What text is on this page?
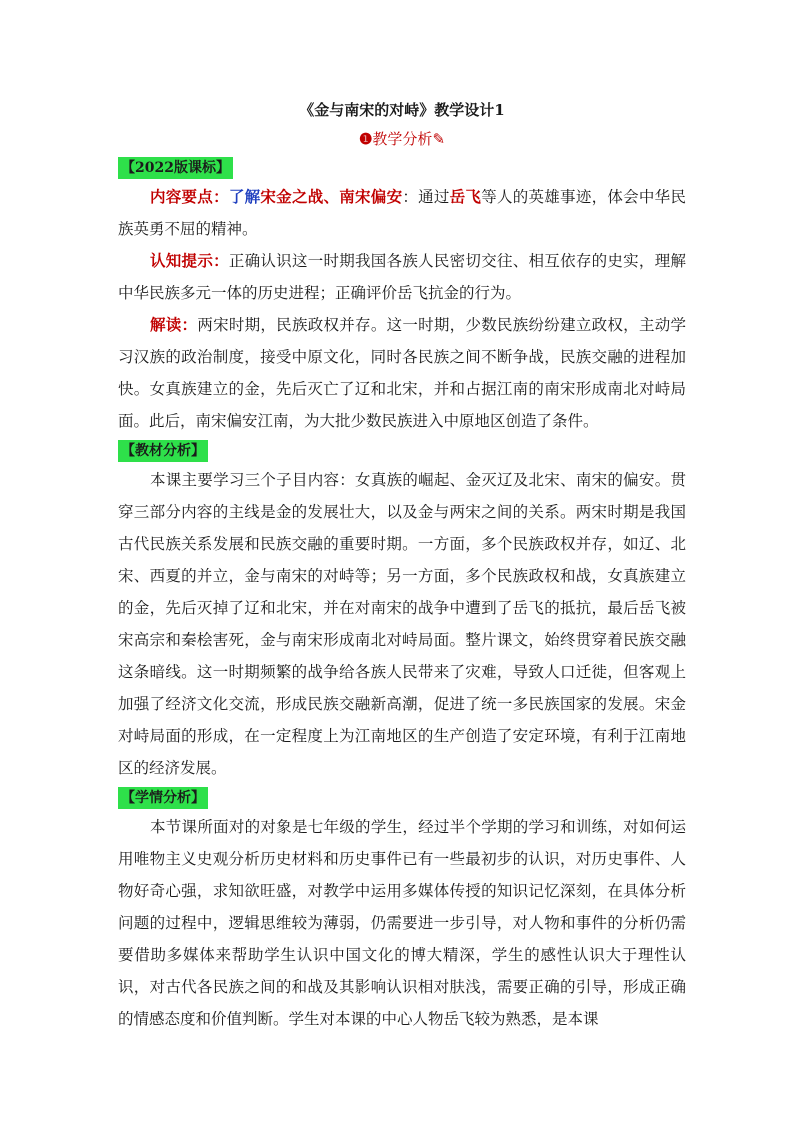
《金与南宋的对峙》教学设计1
❶教学分析✎
【2022版课标】

内容要点：了解宋金之战、南宋偏安：通过岳飞等人的英雄事迹，体会中华民族英勇不屈的精神。

认知提示：正确认识这一时期我国各族人民密切交往、相互依存的史实，理解中华民族多元一体的历史进程；正确评价岳飞抗金的行为。

解读：两宋时期，民族政权并存。这一时期，少数民族纷纷建立政权，主动学习汉族的政治制度，接受中原文化，同时各民族之间不断争战，民族交融的进程加快。女真族建立的金，先后灭亡了辽和北宋，并和占据江南的南宋形成南北对峙局面。此后，南宋偏安江南，为大批少数民族进入中原地区创造了条件。

【教材分析】

本课主要学习三个子目内容：女真族的崛起、金灭辽及北宋、南宋的偏安。贯穿三部分内容的主线是金的发展壮大，以及金与两宋之间的关系。两宋时期是我国古代民族关系发展和民族交融的重要时期。一方面，多个民族政权并存，如辽、北宋、西夏的并立，金与南宋的对峙等；另一方面，多个民族政权和战，女真族建立的金，先后灭掉了辽和北宋，并在对南宋的战争中遭到了岳飞的抵抗，最后岳飞被宋高宗和秦桧害死，金与南宋形成南北对峙局面。整片课文，始终贯穿着民族交融这条暗线。这一时期频繁的战争给各族人民带来了灾难，导致人口迁徙，但客观上加强了经济文化交流，形成民族交融新高潮，促进了统一多民族国家的发展。宋金对峙局面的形成，在一定程度上为江南地区的生产创造了安定环境，有利于江南地区的经济发展。

【学情分析】

本节课所面对的对象是七年级的学生，经过半个学期的学习和训练，对如何运用唯物主义史观分析历史材料和历史事件已有一些最初步的认识，对历史事件、人物好奇心强，求知欲旺盛，对教学中运用多媒体传授的知识记忆深刻，在具体分析问题的过程中，逻辑思维较为薄弱，仍需要进一步引导，对人物和事件的分析仍需要借助多媒体来帮助学生认识中国文化的博大精深，学生的感性认识大于理性认识，对古代各民族之间的和战及其影响认识相对肤浅，需要正确的引导，形成正确的情感态度和价值判断。学生对本课的中心人物岳飞较为熟悉，是本课
